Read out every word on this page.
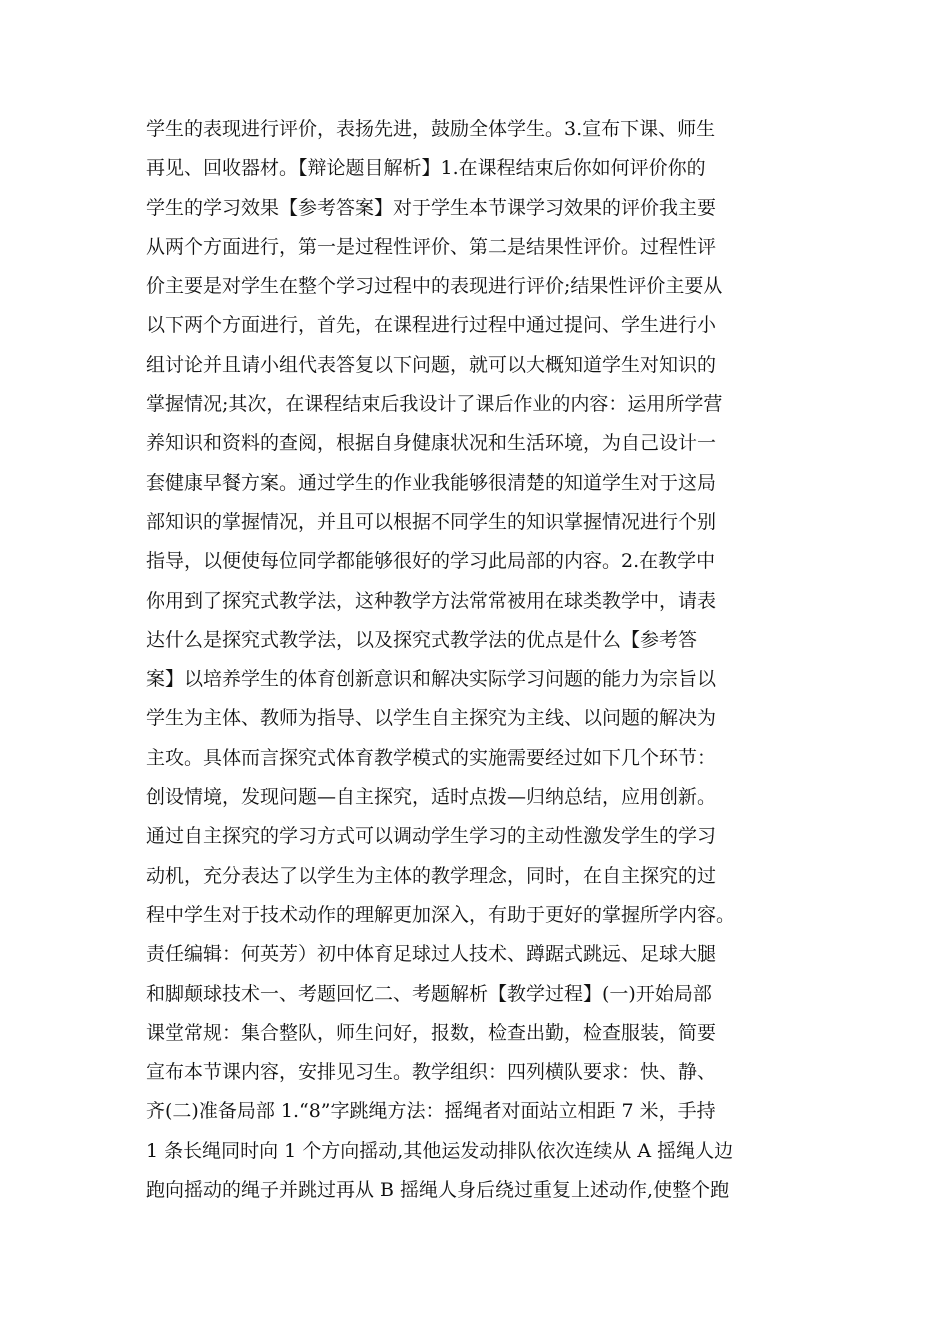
学生的表现进行评价，表扬先进，鼓励全体学生。3.宣布下课、师生
再见、回收器材。【辩论题目解析】1.在课程结束后你如何评价你的
学生的学习效果【参考答案】对于学生本节课学习效果的评价我主要
从两个方面进行，第一是过程性评价、第二是结果性评价。过程性评
价主要是对学生在整个学习过程中的表现进行评价;结果性评价主要从
以下两个方面进行，首先，在课程进行过程中通过提问、学生进行小
组讨论并且请小组代表答复以下问题，就可以大概知道学生对知识的
掌握情况;其次，在课程结束后我设计了课后作业的内容：运用所学营
养知识和资料的查阅，根据自身健康状况和生活环境，为自己设计一
套健康早餐方案。通过学生的作业我能够很清楚的知道学生对于这局
部知识的掌握情况，并且可以根据不同学生的知识掌握情况进行个别
指导，以便使每位同学都能够很好的学习此局部的内容。2.在教学中
你用到了探究式教学法，这种教学方法常常被用在球类教学中，请表
达什么是探究式教学法，以及探究式教学法的优点是什么【参考答
案】以培养学生的体育创新意识和解决实际学习问题的能力为宗旨以
学生为主体、教师为指导、以学生自主探究为主线、以问题的解决为
主攻。具体而言探究式体育教学模式的实施需要经过如下几个环节：
创设情境，发现问题—自主探究，适时点拨—归纳总结，应用创新。
通过自主探究的学习方式可以调动学生学习的主动性激发学生的学习
动机，充分表达了以学生为主体的教学理念，同时，在自主探究的过
程中学生对于技术动作的理解更加深入，有助于更好的掌握所学内容。
责任编辑：何英芳）初中体育足球过人技术、蹲踞式跳远、足球大腿
和脚颠球技术一、考题回忆二、考题解析【教学过程】(一)开始局部
课堂常规：集合整队，师生问好，报数，检查出勤，检查服装，简要
宣布本节课内容，安排见习生。教学组织：四列横队要求：快、静、
齐(二)准备局部 1.“8”字跳绳方法：摇绳者对面站立相距 7 米，手持
1 条长绳同时向 1 个方向摇动,其他运发动排队依次连续从 A 摇绳人边
跑向摇动的绳子并跳过再从 B 摇绳人身后绕过重复上述动作,使整个跑
